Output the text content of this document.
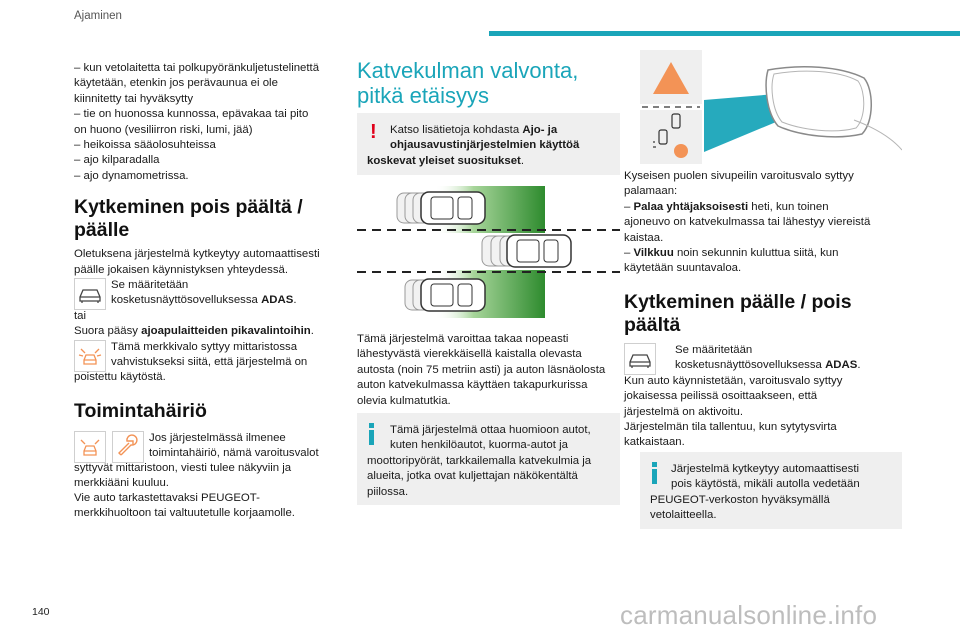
Ajaminen

– kun vetolaitetta tai polkupyöränkuljetustelinettä

käytetään, etenkin jos perävaunua ei ole

kiinnitetty tai hyväksytty

– tie on huonossa kunnossa, epävakaa tai pito

on huono (vesiliirron riski, lumi, jää)

– heikoissa sääolosuhteissa

– ajo kilparadalla

– ajo dynamometrissa.

Kytkeminen pois päältä /

päälle

Oletuksena järjestelmä kytkeytyy automaattisesti

päälle jokaisen käynnistyksen yhteydessä.

Se määritetään

kosketusnäyttösovelluksessa ADAS.

tai

Suora pääsy ajoapulaitteiden pikavalintoihin.

Tämä merkkivalo syttyy mittaristossa

vahvistukseksi siitä, että järjestelmä on

poistettu käytöstä.

Toimintahäiriö

Jos järjestelmässä ilmenee

toimintahäiriö, nämä varoitusvalot

syttyvät mittaristoon, viesti tulee näkyviin ja

merkkiääni kuuluu.

Vie auto tarkastettavaksi PEUGEOT-

merkkihuoltoon tai valtuutetulle korjaamolle.

Katvekulman valvonta,

pitkä etäisyys

!	Katso lisätietoja kohdasta Ajo- ja

ohjausavustinjärjestelmien käyttöä

koskevat yleiset suositukset.

Tämä järjestelmä varoittaa takaa nopeasti

lähestyvästä vierekkäisellä kaistalla olevasta

autosta (noin 75 metriin asti) ja auton läsnäolosta

auton katvekulmassa käyttäen takapurkurissa

olevia kulmatutkia.

Tämä järjestelmä ottaa huomioon autot,

kuten henkilöautot, kuorma-autot ja

moottoripyörät, tarkkailemalla katvekulmia ja

alueita, jotka ovat kuljettajan näkökentältä

piilossa.

Kyseisen puolen sivupeilin varoitusvalo syttyy

palamaan:

– Palaa yhtäjaksoisesti heti, kun toinen

ajoneuvo on katvekulmassa tai lähestyy viereistä

kaistaa.

– Vilkkuu noin sekunnin kuluttua siitä, kun

käytetään suuntavaloa.

Kytkeminen päälle / pois

päältä

Se määritetään

kosketusnäyttösovelluksessa ADAS.

Kun auto käynnistetään, varoitusvalo syttyy

jokaisessa peilissä osoittaakseen, että

järjestelmä on aktivoitu.

Järjestelmän tila tallentuu, kun sytytysvirta

katkaistaan.

Järjestelmä kytkeytyy automaattisesti

pois käytöstä, mikäli autolla vedetään

PEUGEOT-verkoston hyväksymällä

vetolaitteella.

140	carmanualsonline.info
